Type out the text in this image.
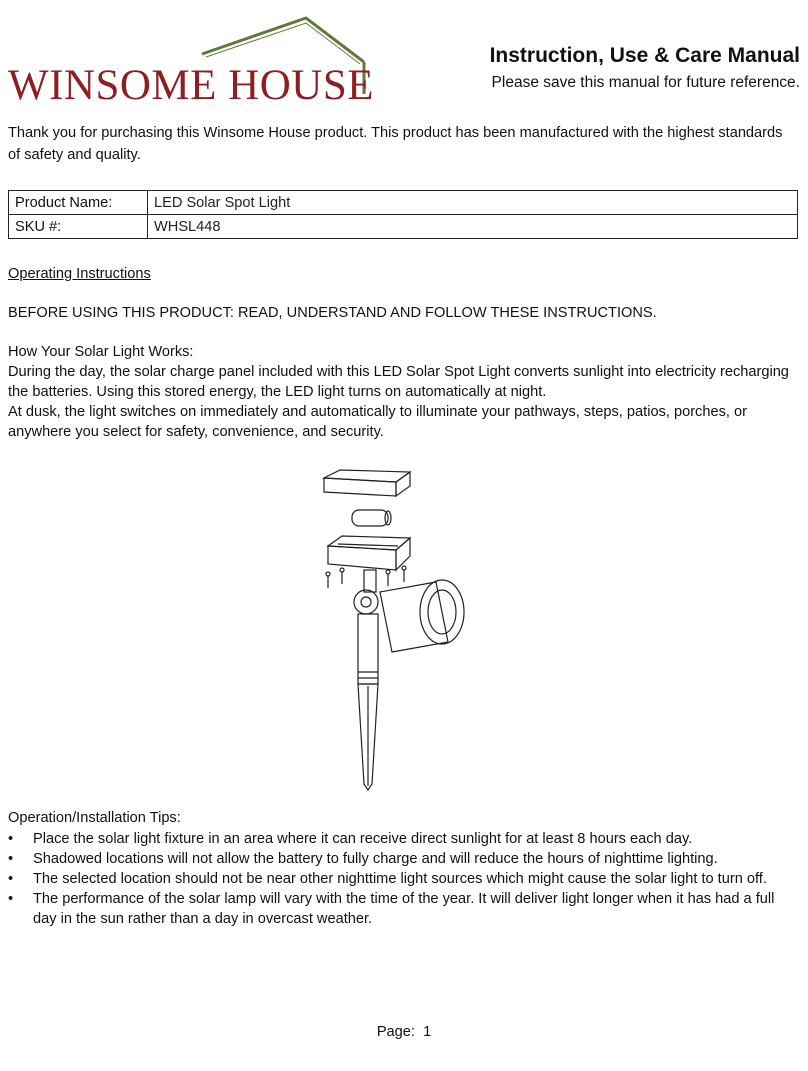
WINSOME HOUSE
Instruction, Use & Care Manual
Please save this manual for future reference.
Thank you for purchasing this Winsome House product. This product has been manufactured with the highest standards of safety and quality.
Product Name:	LED Solar Spot Light
SKU #:	WHSL448
Operating Instructions
BEFORE USING THIS PRODUCT: READ, UNDERSTAND AND FOLLOW THESE INSTRUCTIONS.
How Your Solar Light Works:

During the day, the solar charge panel included with this LED Solar Spot Light converts sunlight into electricity recharging the batteries. Using this stored energy, the LED light turns on automatically at night.

At dusk, the light switches on immediately and automatically to illuminate your pathways, steps, patios, porches, or anywhere you select for safety, convenience, and security.

Operation/Installation Tips:
• Place the solar light fixture in an area where it can receive direct sunlight for at least 8 hours each day.
• Shadowed locations will not allow the battery to fully charge and will reduce the hours of nighttime lighting.
• The selected location should not be near other nighttime light sources which might cause the solar light to turn off.
• The performance of the solar lamp will vary with the time of the year. It will deliver light longer when it has had a full day in the sun rather than a day in overcast weather.
Page: 1
